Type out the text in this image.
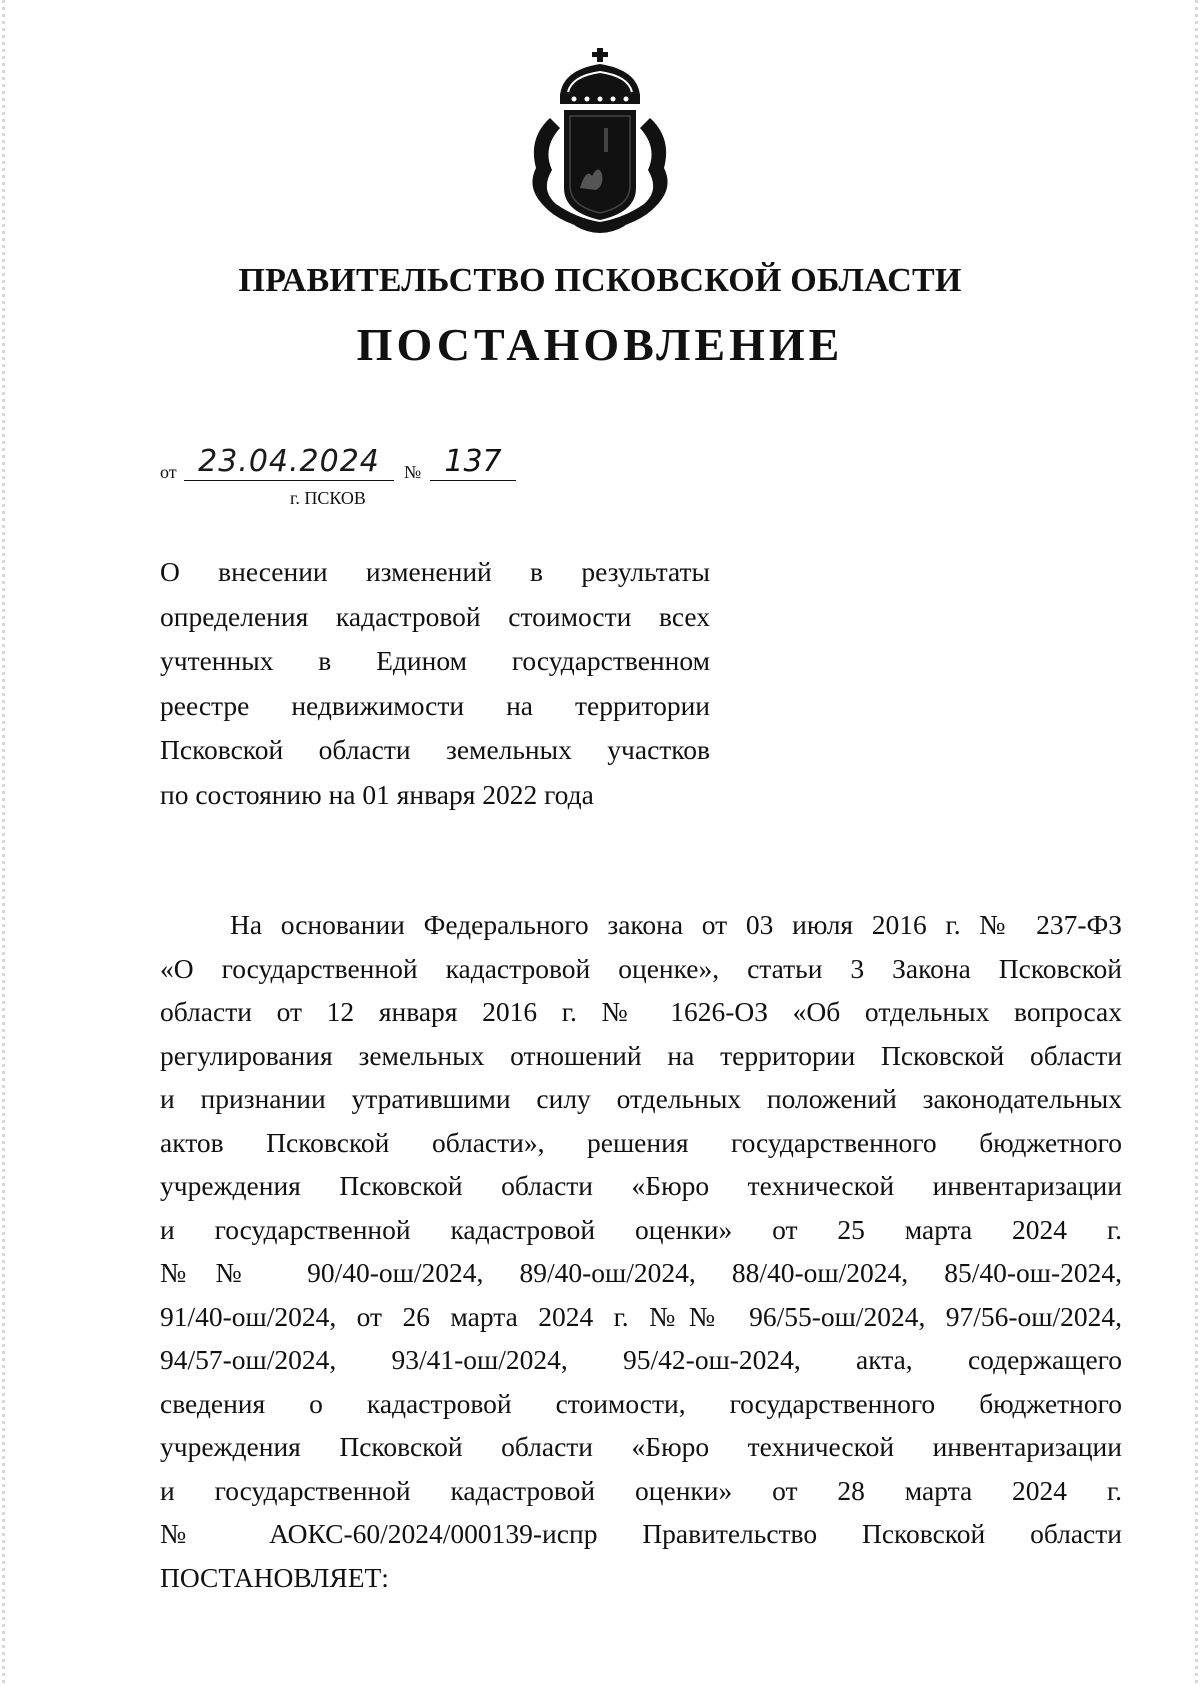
ПРАВИТЕЛЬСТВО ПСКОВСКОЙ ОБЛАСТИ
ПОСТАНОВЛЕНИЕ
от 23.04.2024	№ 137
г. ПСКОВ
О внесении изменений в результаты
определения кадастровой стоимости всех
учтенных в Едином государственном
реестре недвижимости на территории
Псковской области земельных участков
по состоянию на 01 января 2022 года
На основании Федерального закона от 03 июля 2016 г. № 237-ФЗ
«О государственной кадастровой оценке», статьи 3 Закона Псковской
области от 12 января 2016 г. № 1626-ОЗ «Об отдельных вопросах
регулирования земельных отношений на территории Псковской области
и признании утратившими силу отдельных положений законодательных
актов Псковской области», решения государственного бюджетного
учреждения Псковской области «Бюро технической инвентаризации
и государственной кадастровой оценки» от 25 марта 2024 г.
№№ 90/40-ош/2024, 89/40-ош/2024, 88/40-ош/2024, 85/40-ош-2024,
91/40-ош/2024, от 26 марта 2024 г. №№ 96/55-ош/2024, 97/56-ош/2024,
94/57-ош/2024, 93/41-ош/2024, 95/42-ош-2024, акта, содержащего
сведения о кадастровой стоимости, государственного бюджетного
учреждения Псковской области «Бюро технической инвентаризации
и государственной кадастровой оценки» от 28 марта 2024 г.
№ АОКС-60/2024/000139-испр Правительство Псковской области
ПОСТАНОВЛЯЕТ:
